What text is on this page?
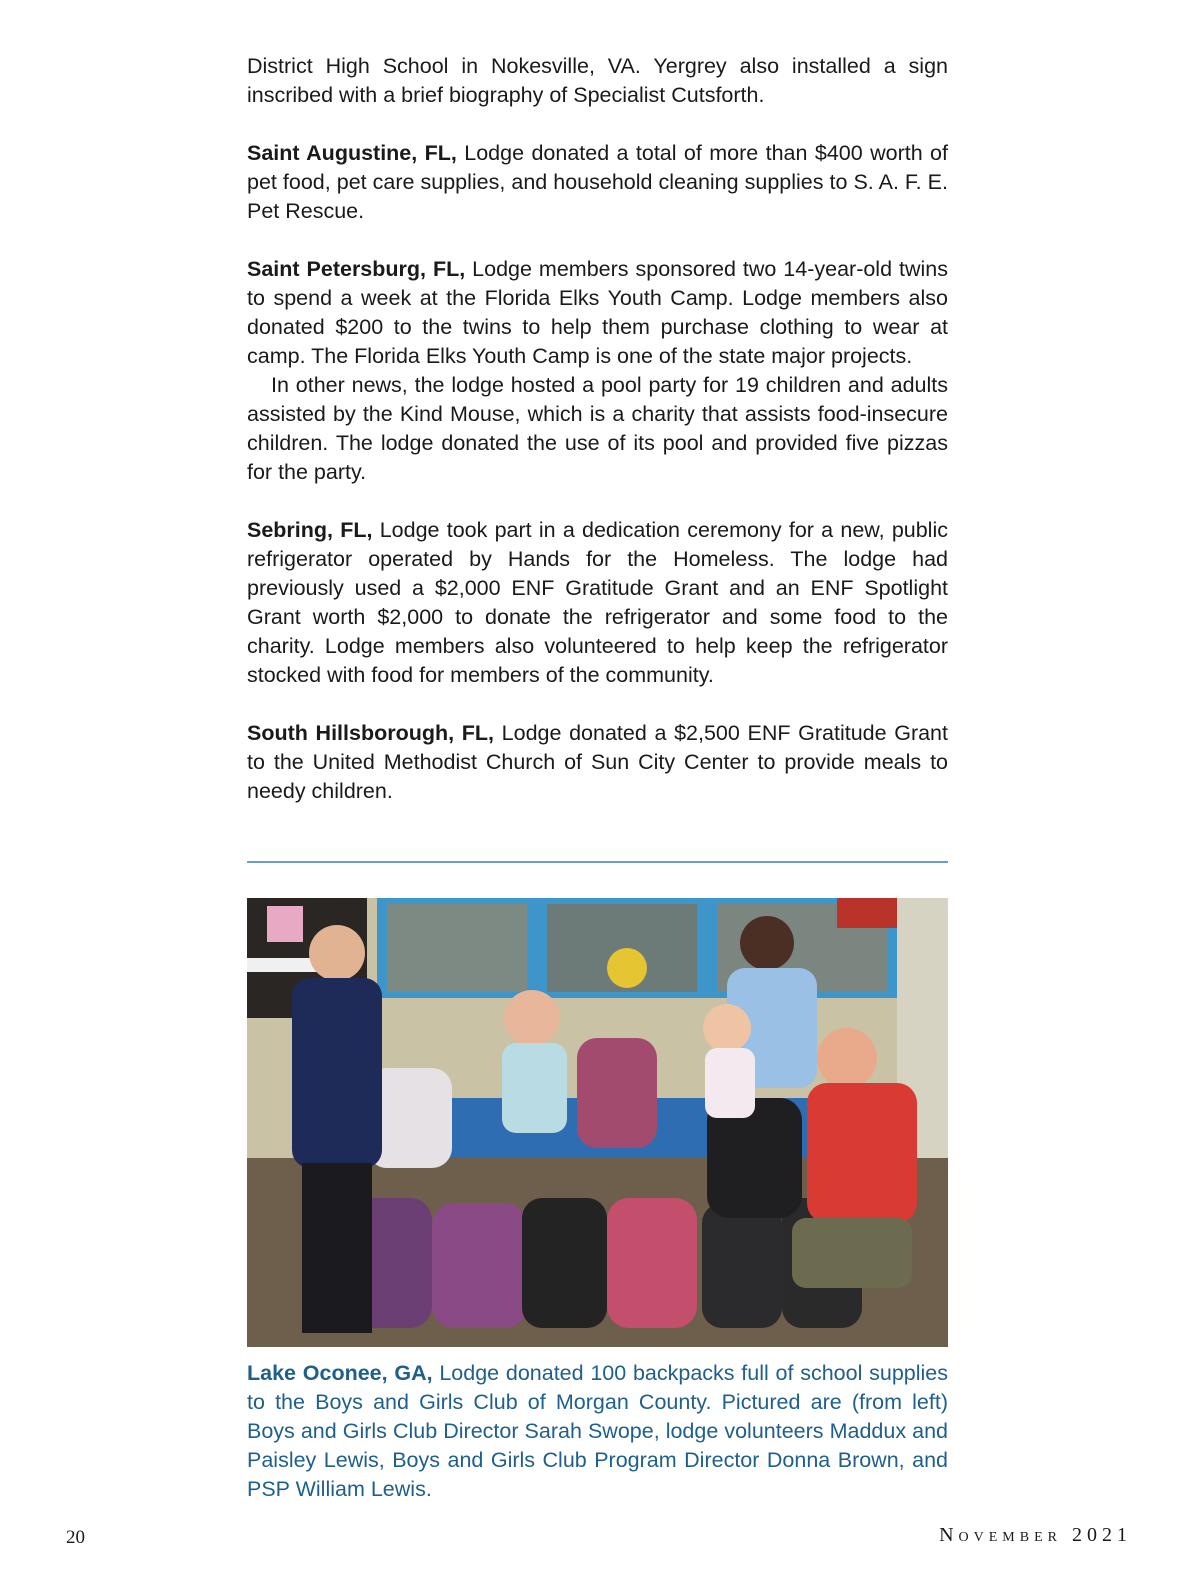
District High School in Nokesville, VA. Yergrey also installed a sign inscribed with a brief biography of Specialist Cutsforth.

Saint Augustine, FL, Lodge donated a total of more than $400 worth of pet food, pet care supplies, and household cleaning supplies to S. A. F. E. Pet Rescue.

Saint Petersburg, FL, Lodge members sponsored two 14-year-old twins to spend a week at the Florida Elks Youth Camp. Lodge members also donated $200 to the twins to help them purchase clothing to wear at camp. The Florida Elks Youth Camp is one of the state major projects.

In other news, the lodge hosted a pool party for 19 children and adults assisted by the Kind Mouse, which is a charity that assists food-insecure children. The lodge donated the use of its pool and provided five pizzas for the party.

Sebring, FL, Lodge took part in a dedication ceremony for a new, public refrigerator operated by Hands for the Homeless. The lodge had previously used a $2,000 ENF Gratitude Grant and an ENF Spotlight Grant worth $2,000 to donate the refrigerator and some food to the charity. Lodge members also volunteered to help keep the refrigerator stocked with food for members of the community.

South Hillsborough, FL, Lodge donated a $2,500 ENF Gratitude Grant to the United Methodist Church of Sun City Center to provide meals to needy children.

Lake Oconee, GA, Lodge donated 100 backpacks full of school supplies to the Boys and Girls Club of Morgan County. Pictured are (from left) Boys and Girls Club Director Sarah Swope, lodge volunteers Maddux and Paisley Lewis, Boys and Girls Club Program Director Donna Brown, and PSP William Lewis.

20	November 2021
